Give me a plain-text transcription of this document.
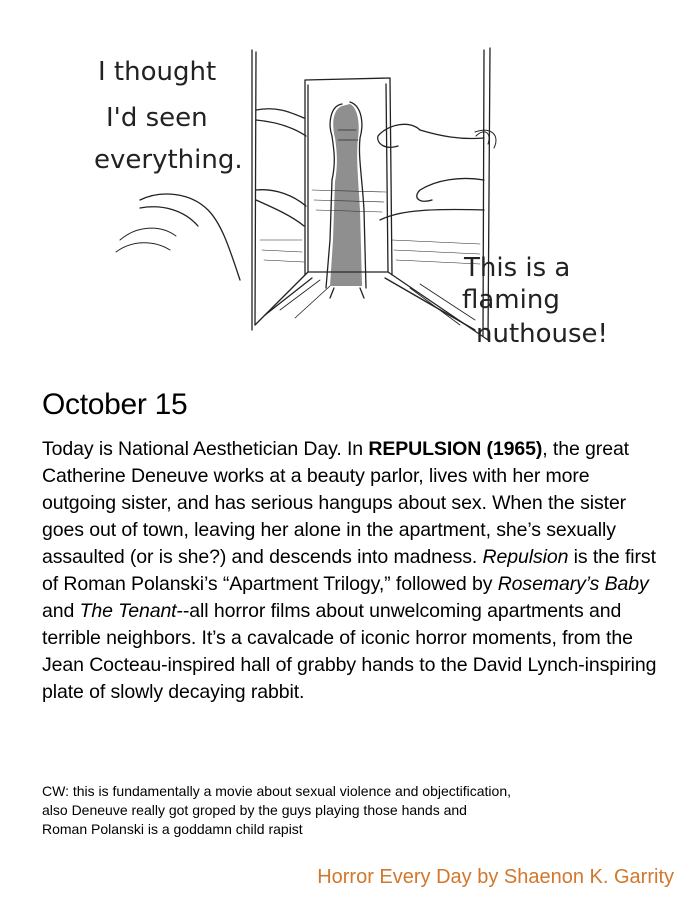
I thought
I'd seen
everything.
This is a
flaming
nuthouse!
October 15

Today is National Aesthetician Day. In REPULSION (1965), the great Catherine Deneuve works at a beauty parlor, lives with her more outgoing sister, and has serious hangups about sex. When the sister goes out of town, leaving her alone in the apartment, she’s sexually assaulted (or is she?) and descends into madness. Repulsion is the first of Roman Polanski’s “Apartment Trilogy,” followed by Rosemary’s Baby and The Tenant--all horror films about unwelcoming apartments and terrible neighbors. It’s a cavalcade of iconic horror moments, from the Jean Cocteau-inspired hall of grabby hands to the David Lynch-inspiring plate of slowly decaying rabbit.

CW: this is fundamentally a movie about sexual violence and objectification,
also Deneuve really got groped by the guys playing those hands and
Roman Polanski is a goddamn child rapist

Horror Every Day by Shaenon K. Garrity
